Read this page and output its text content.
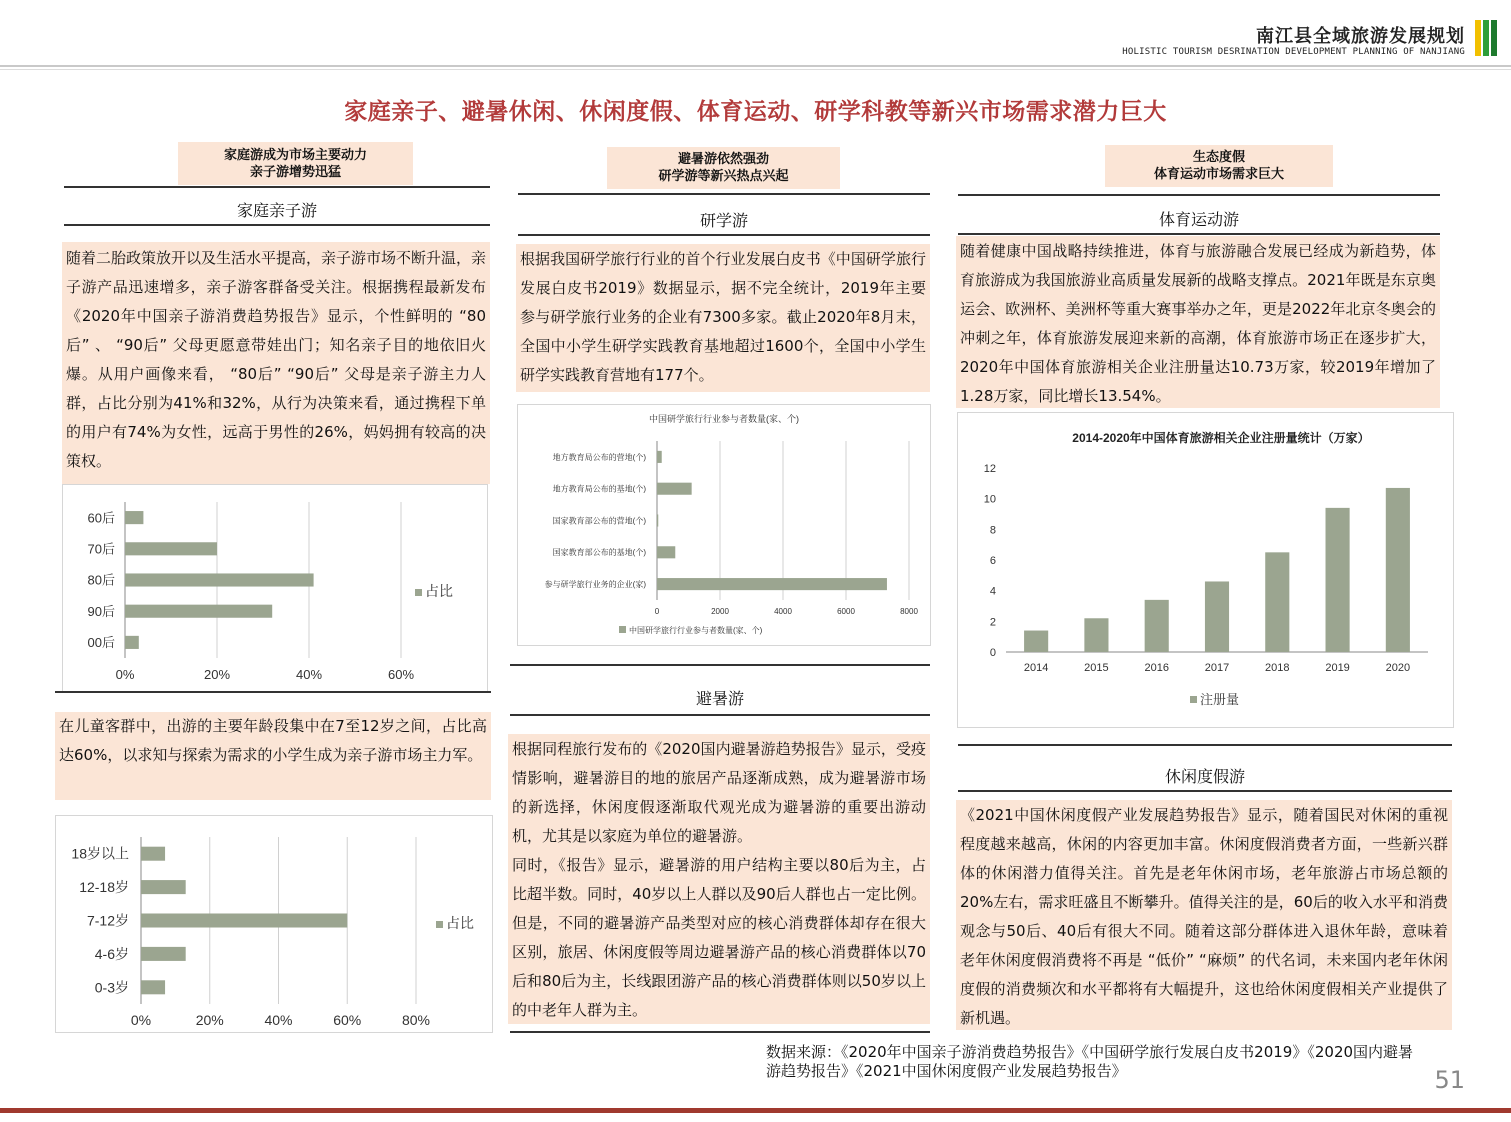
南江县全域旅游发展规划
HOLISTIC TOURISM DESRINATION DEVELOPMENT PLANNING OF NANJIANG
家庭亲子、避暑休闲、休闲度假、体育运动、研学科教等新兴市场需求潜力巨大
家庭游成为市场主要动力
亲子游增势迅猛
家庭亲子游
随着二胎政策放开以及生活水平提高，亲子游市场不断升温，亲子游产品迅速增多，亲子游客群备受关注。根据携程最新发布《2020年中国亲子游消费趋势报告》显示，个性鲜明的 “80后” 、 “90后” 父母更愿意带娃出门；知名亲子目的地依旧火爆。从用户画像来看， “80后” “90后” 父母是亲子游主力人群，占比分别为41%和32%，从行为决策来看，通过携程下单的用户有74%为女性，远高于男性的26%，妈妈拥有较高的决策权。
0%	20%	40%	60%
60后
70后
80后
90后
00后
占比
在儿童客群中，出游的主要年龄段集中在7至12岁之间，占比高达60%，以求知与探索为需求的小学生成为亲子游市场主力军。
0%	20%	40%	60%	80%
18岁以上
12-18岁
7-12岁
4-6岁
0-3岁
占比
避暑游依然强劲
研学游等新兴热点兴起
研学游
根据我国研学旅行行业的首个行业发展白皮书《中国研学旅行发展白皮书2019》数据显示，据不完全统计，2019年主要参与研学旅行业务的企业有7300多家。截止2020年8月末，全国中小学生研学实践教育基地超过1600个，全国中小学生研学实践教育营地有177个。
中国研学旅行行业参与者数量(家、个)
0	2000	4000	6000	8000
地方教育局公布的营地(个)
地方教育局公布的基地(个)
国家教育部公布的营地(个)
国家教育部公布的基地(个)
参与研学旅行业务的企业(家)
中国研学旅行行业参与者数量(家、个)
避暑游
根据同程旅行发布的《2020国内避暑游趋势报告》显示，受疫情影响，避暑游目的地的旅居产品逐渐成熟，成为避暑游市场的新选择，休闲度假逐渐取代观光成为避暑游的重要出游动机，尤其是以家庭为单位的避暑游。
同时，《报告》显示，避暑游的用户结构主要以80后为主，占比超半数。同时，40岁以上人群以及90后人群也占一定比例。但是，不同的避暑游产品类型对应的核心消费群体却存在很大区别，旅居、休闲度假等周边避暑游产品的核心消费群体以70后和80后为主，长线跟团游产品的核心消费群体则以50岁以上的中老年人群为主。
生态度假
体育运动市场需求巨大
体育运动游
随着健康中国战略持续推进，体育与旅游融合发展已经成为新趋势，体育旅游成为我国旅游业高质量发展新的战略支撑点。2021年既是东京奥运会、欧洲杯、美洲杯等重大赛事举办之年，更是2022年北京冬奥会的冲刺之年，体育旅游发展迎来新的高潮，体育旅游市场正在逐步扩大，2020年中国体育旅游相关企业注册量达10.73万家，较2019年增加了1.28万家，同比增长13.54%。
2014-2020年中国体育旅游相关企业注册量统计（万家）
0
2
4
6
8
10
12
2014	2015	2016	2017	2018	2019	2020
注册量
休闲度假游
《2021中国休闲度假产业发展趋势报告》显示，随着国民对休闲的重视程度越来越高，休闲的内容更加丰富。休闲度假消费者方面，一些新兴群体的休闲潜力值得关注。首先是老年休闲市场，老年旅游占市场总额的20%左右，需求旺盛且不断攀升。值得关注的是，60后的收入水平和消费观念与50后、40后有很大不同。随着这部分群体进入退休年龄，意味着老年休闲度假消费将不再是 “低价” “麻烦” 的代名词，未来国内老年休闲度假的消费频次和水平都将有大幅提升，这也给休闲度假相关产业提供了新机遇。
数据来源：《2020年中国亲子游消费趋势报告》《中国研学旅行发展白皮书2019》《2020国内避暑游趋势报告》《2021中国休闲度假产业发展趋势报告》	51
